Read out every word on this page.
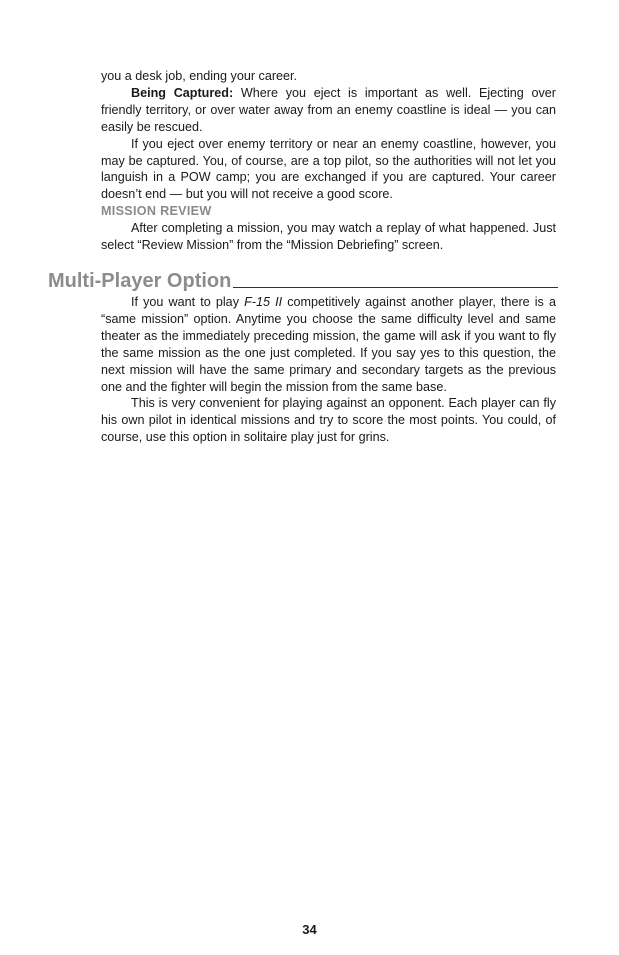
you a desk job, ending your career.

Being Captured: Where you eject is important as well. Ejecting over friendly territory, or over water away from an enemy coastline is ideal — you can easily be rescued.

If you eject over enemy territory or near an enemy coastline, however, you may be captured. You, of course, are a top pilot, so the authorities will not let you languish in a POW camp; you are exchanged if you are captured. Your career doesn’t end — but you will not receive a good score.

MISSION REVIEW

After completing a mission, you may watch a replay of what happened. Just select “Review Mission” from the “Mission Debriefing” screen.

Multi-Player Option

If you want to play F-15 II competitively against another player, there is a “same mission” option. Anytime you choose the same difficulty level and same theater as the immediately preceding mission, the game will ask if you want to fly the same mission as the one just completed. If you say yes to this question, the next mission will have the same primary and secondary targets as the previous one and the fighter will begin the mission from the same base.

This is very convenient for playing against an opponent. Each player can fly his own pilot in identical missions and try to score the most points. You could, of course, use this option in solitaire play just for grins.

34
